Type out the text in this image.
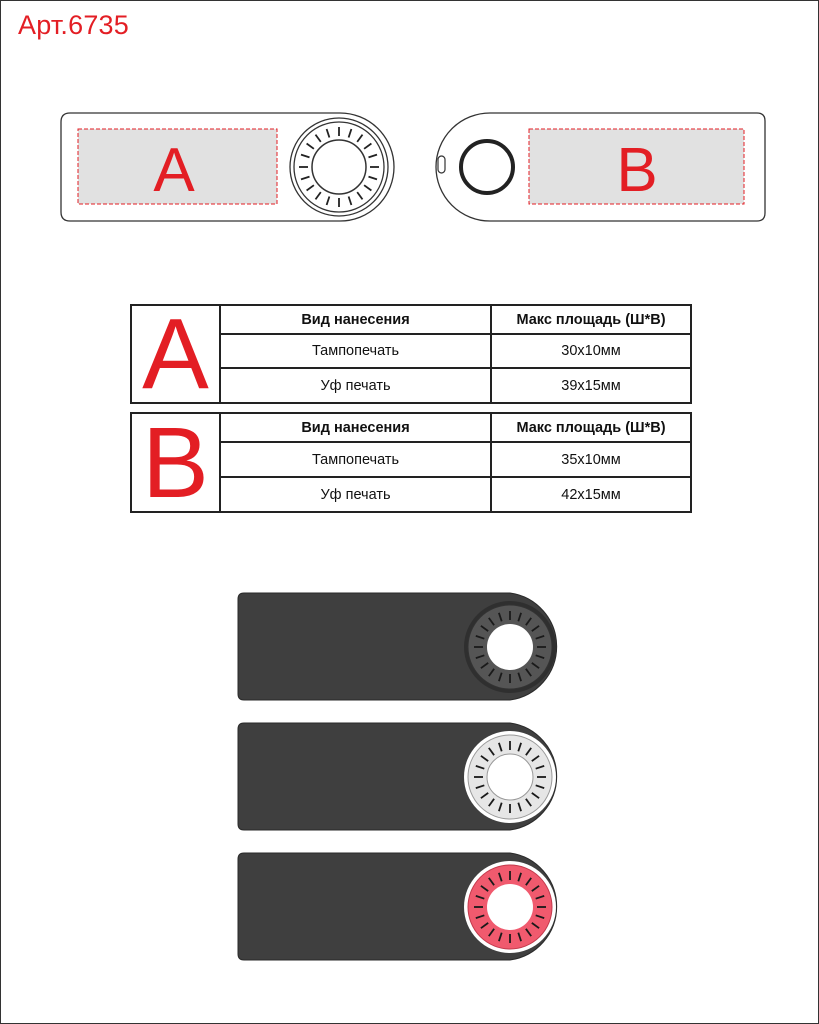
Арт.6735
A	B
A	Вид нанесения	Макс площадь (Ш*В)
Тампопечать	30x10мм
Уф печать	39x15мм
B	Вид нанесения	Макс площадь (Ш*В)
Тампопечать	35x10мм
Уф печать	42x15мм
